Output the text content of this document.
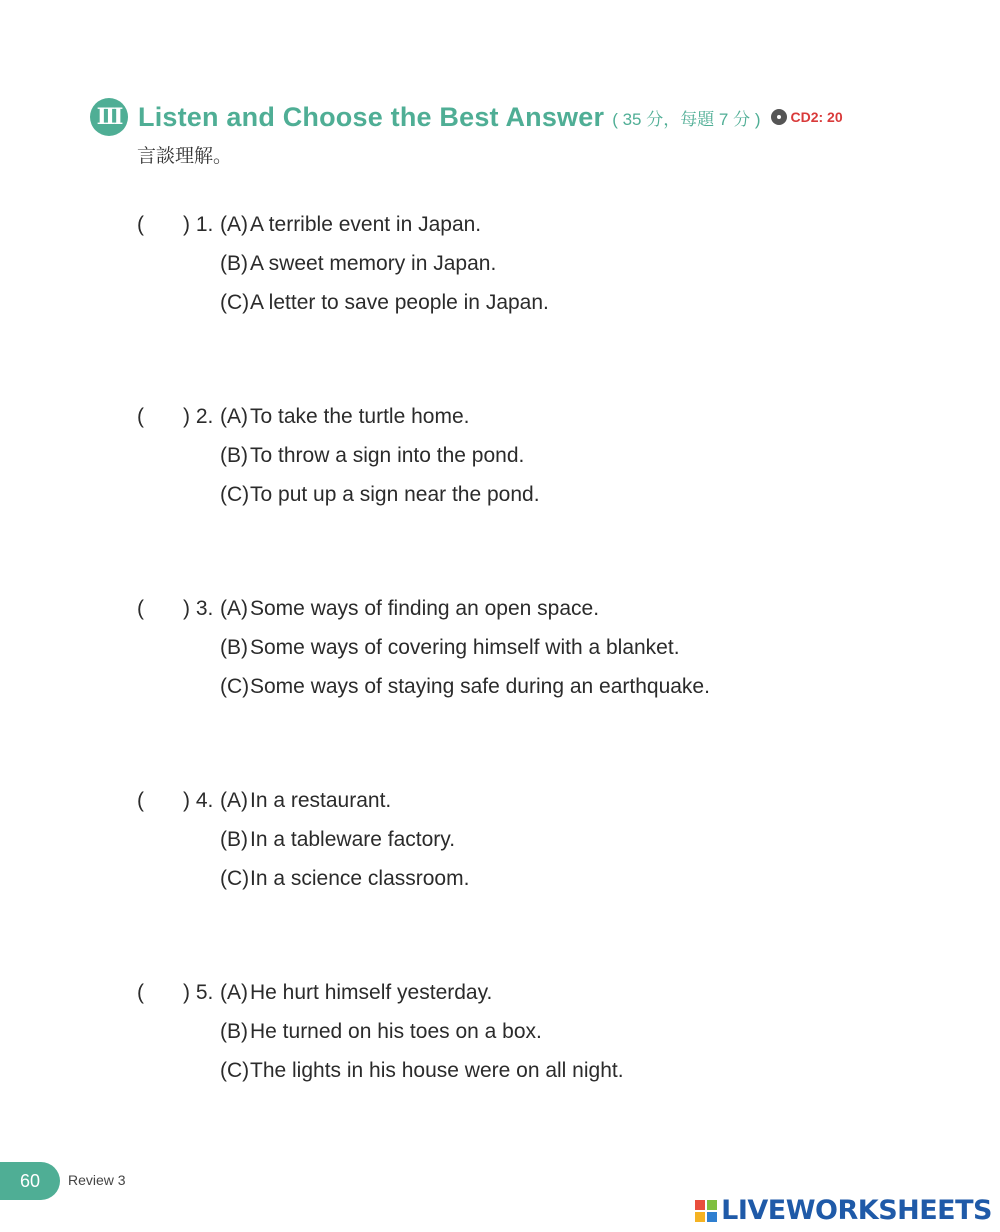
III Listen and Choose the Best Answer ( 35 分，每題 7 分 ) CD2: 20
言談理解。
( ) 1. (A)A terrible event in Japan.
(B)A sweet memory in Japan.
(C)A letter to save people in Japan.
( ) 2. (A)To take the turtle home.
(B)To throw a sign into the pond.
(C)To put up a sign near the pond.
( ) 3. (A)Some ways of finding an open space.
(B)Some ways of covering himself with a blanket.
(C)Some ways of staying safe during an earthquake.
( ) 4. (A)In a restaurant.
(B)In a tableware factory.
(C)In a science classroom.
( ) 5. (A)He hurt himself yesterday.
(B)He turned on his toes on a box.
(C)The lights in his house were on all night.
60 Review 3
LIVEWORKSHEETS
